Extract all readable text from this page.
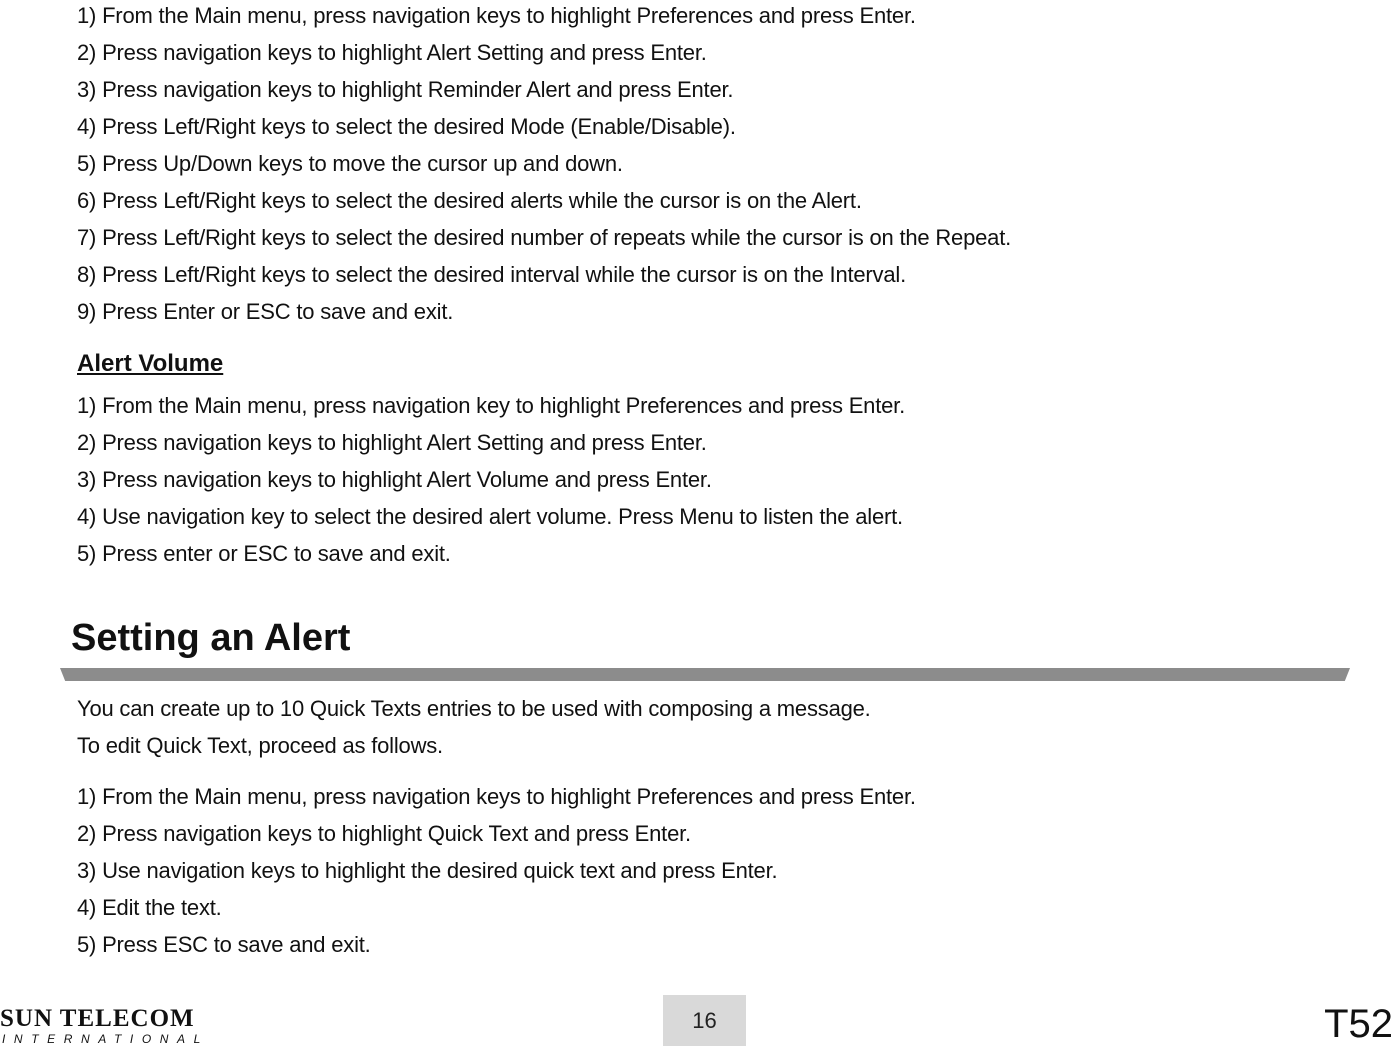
1) From the Main menu, press navigation keys to highlight Preferences and press Enter.

2) Press navigation keys to highlight Alert Setting and press Enter.

3) Press navigation keys to highlight Reminder Alert and press Enter.

4) Press Left/Right keys to select the desired Mode (Enable/Disable).

5) Press Up/Down keys to move the cursor up and down.

6) Press Left/Right keys to select the desired alerts while the cursor is on the Alert.

7) Press Left/Right keys to select the desired number of repeats while the cursor is on the Repeat.

8) Press Left/Right keys to select the desired interval while the cursor is on the Interval.

9) Press Enter or ESC to save and exit.

Alert Volume

1) From the Main menu, press navigation key to highlight Preferences and press Enter.

2) Press navigation keys to highlight Alert Setting and press Enter.

3) Press navigation keys to highlight Alert Volume and press Enter.

4) Use navigation key to select the desired alert volume. Press Menu to listen the alert.

5) Press enter or ESC to save and exit.

Setting an Alert

You can create up to 10 Quick Texts entries to be used with composing a message.

To edit Quick Text, proceed as follows.

1) From the Main menu, press navigation keys to highlight Preferences and press Enter.

2) Press navigation keys to highlight Quick Text and press Enter.

3) Use navigation keys to highlight the desired quick text and press Enter.

4) Edit the text.

5) Press ESC to save and exit.

SUN TELECOM

INTERNATIONAL

16	T52
